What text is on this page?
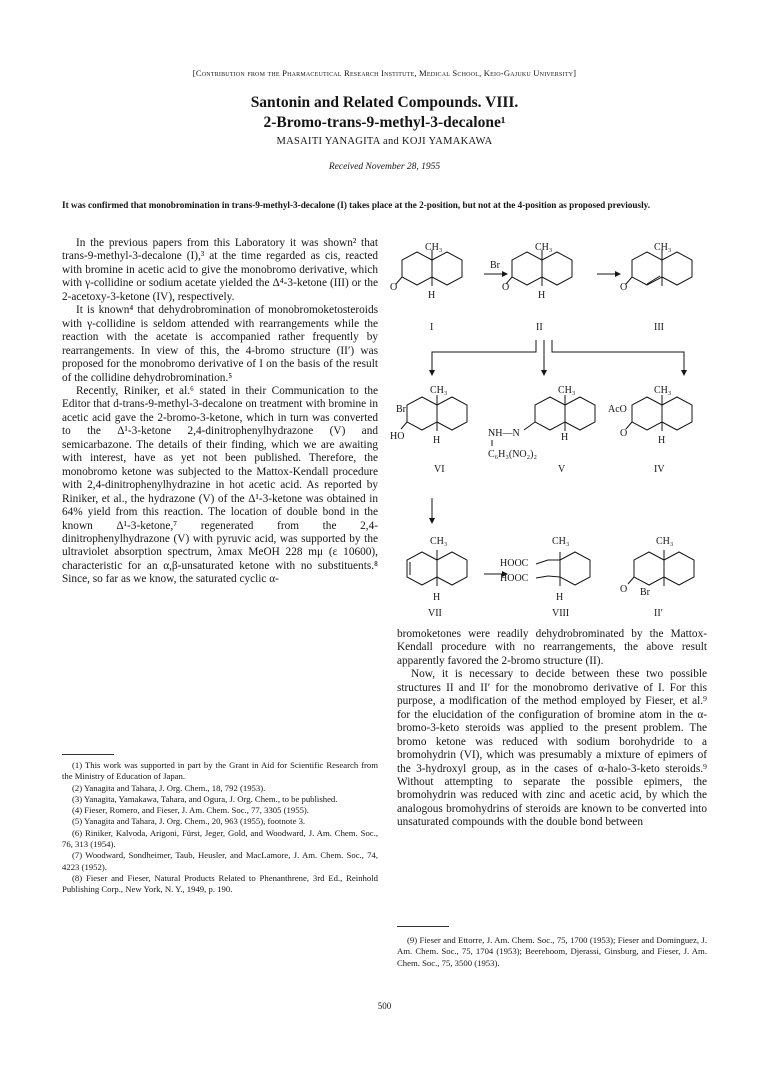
[Contribution from the Pharmaceutical Research Institute, Medical School, Keio-Gajuku University]
Santonin and Related Compounds. VIII.
2-Bromo-trans-9-methyl-3-decalone¹
MASAITI YANAGITA and KOJI YAMAKAWA
Received November 28, 1955

It was confirmed that monobromination in trans-9-methyl-3-decalone (I) takes place at the 2-position, but not at the 4-position as proposed previously.

In the previous papers from this Laboratory it was shown² that trans-9-methyl-3-decalone (I),³ at the time regarded as cis, reacted with bromine in acetic acid to give the monobromo derivative, which with γ-collidine or sodium acetate yielded the Δ⁴-3-ketone (III) or the 2-acetoxy-3-ketone (IV), respectively.

It is known⁴ that dehydrobromination of monobromoketosteroids with γ-collidine is seldom attended with rearrangements while the reaction with the acetate is accompanied rather frequently by rearrangements. In view of this, the 4-bromo structure (II′) was proposed for the monobromo derivative of I on the basis of the result of the collidine dehydrobromination.⁵

Recently, Riniker, et al.⁶ stated in their Communication to the Editor that d-trans-9-methyl-3-decalone on treatment with bromine in acetic acid gave the 2-bromo-3-ketone, which in turn was converted to the Δ¹-3-ketone 2,4-dinitrophenylhydrazone (V) and semicarbazone. The details of their finding, which we are awaiting with interest, have as yet not been published. Therefore, the monobromo ketone was subjected to the Mattox-Kendall procedure with 2,4-dinitrophenylhydrazine in hot acetic acid. As reported by Riniker, et al., the hydrazone (V) of the Δ¹-3-ketone was obtained in 64% yield from this reaction. The location of double bond in the known Δ¹-3-ketone,⁷ regenerated from the 2,4-dinitrophenylhydrazone (V) with pyruvic acid, was supported by the ultraviolet absorption spectrum, λmax MeOH 228 mμ (ε 10600), characteristic for an α,β-unsaturated ketone with no substituents.⁸ Since, so far as we know, the saturated cyclic α-

(1) This work was supported in part by the Grant in Aid for Scientific Research from the Ministry of Education of Japan.

(2) Yanagita and Tahara, J. Org. Chem., 18, 792 (1953).

(3) Yanagita, Yamakawa, Tahara, and Ogura, J. Org. Chem., to be published.

(4) Fieser, Romero, and Fieser, J. Am. Chem. Soc., 77, 3305 (1955).

(5) Yanagita and Tahara, J. Org. Chem., 20, 963 (1955), footnote 3.

(6) Riniker, Kalvoda, Arigoni, Fürst, Jeger, Gold, and Woodward, J. Am. Chem. Soc., 76, 313 (1954).

(7) Woodward, Sondheimer, Taub, Heusler, and MacLamore, J. Am. Chem. Soc., 74, 4223 (1952).

(8) Fieser and Fieser, Natural Products Related to Phenanthrene, 3rd Ed., Reinhold Publishing Corp., New York, N. Y., 1949, p. 190.

CH₃
O
H
I
CH₃
Br
O
H
II
CH₃
O
III
CH₃
Br
HO	H
VI
CH₃
NH—N
C₆H₃(NO₂)₂
H
V
CH₃
AcO
O
H
IV
CH₃
H
VII
CH₃
HOOC
HOOC
H
VIII
CH₃
O Br
II′

bromoketones were readily dehydrobrominated by the Mattox-Kendall procedure with no rearrangements, the above result apparently favored the 2-bromo structure (II).

Now, it is necessary to decide between these two possible structures II and II′ for the monobromo derivative of I. For this purpose, a modification of the method employed by Fieser, et al.⁹ for the elucidation of the configuration of bromine atom in the α-bromo-3-keto steroids was applied to the present problem. The bromo ketone was reduced with sodium borohydride to a bromohydrin (VI), which was presumably a mixture of epimers of the 3-hydroxyl group, as in the cases of α-halo-3-keto steroids.⁹ Without attempting to separate the possible epimers, the bromohydrin was reduced with zinc and acetic acid, by which the analogous bromohydrins of steroids are known to be converted into unsaturated compounds with the double bond between

(9) Fieser and Ettorre, J. Am. Chem. Soc., 75, 1700 (1953); Fieser and Dominguez, J. Am. Chem. Soc., 75, 1704 (1953); Beereboom, Djerassi, Ginsburg, and Fieser, J. Am. Chem. Soc., 75, 3500 (1953).

500
